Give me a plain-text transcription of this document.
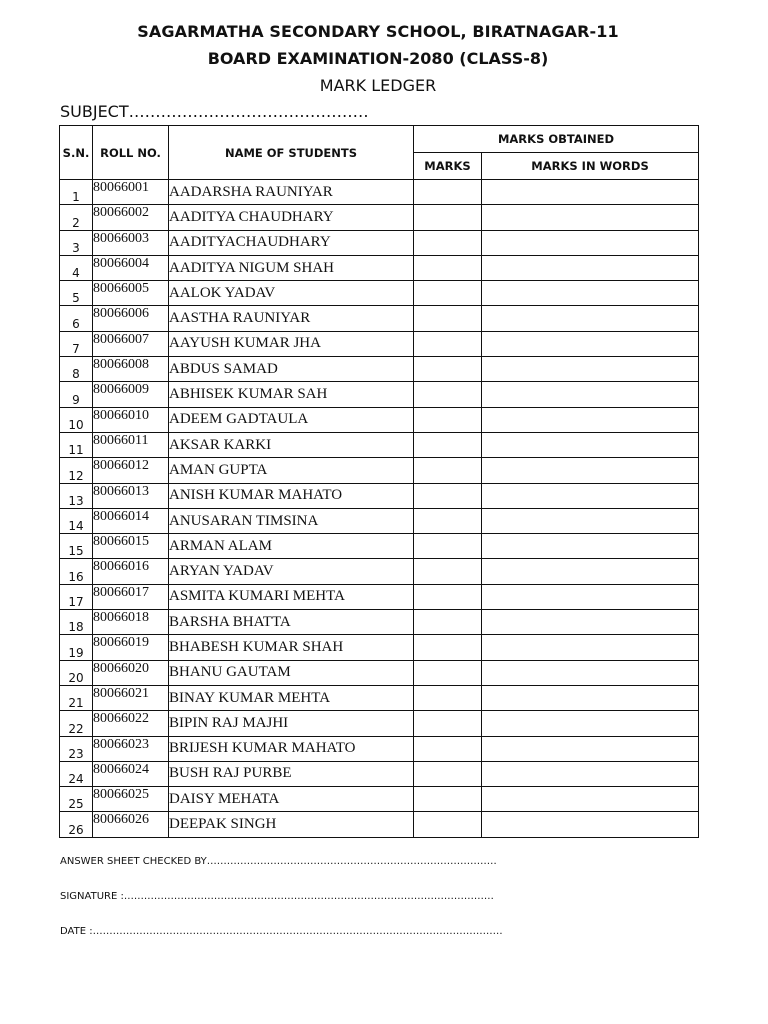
SAGARMATHA SECONDARY SCHOOL, BIRATNAGAR-11
BOARD EXAMINATION-2080 (CLASS-8)
MARK LEDGER
SUBJECT………………………………………
S.N.	ROLL NO.	NAME OF STUDENTS	MARKS OBTAINED	
			MARKS	MARKS IN WORDS
1	80066001	AADARSHA RAUNIYAR		
2	80066002	AADITYA CHAUDHARY		
3	80066003	AADITYACHAUDHARY		
4	80066004	AADITYA NIGUM SHAH		
5	80066005	AALOK YADAV		
6	80066006	AASTHA RAUNIYAR		
7	80066007	AAYUSH KUMAR JHA		
8	80066008	ABDUS SAMAD		
9	80066009	ABHISEK KUMAR SAH		
10	80066010	ADEEM GADTAULA		
11	80066011	AKSAR KARKI		
12	80066012	AMAN GUPTA		
13	80066013	ANISH KUMAR MAHATO		
14	80066014	ANUSARAN TIMSINA		
15	80066015	ARMAN ALAM		
16	80066016	ARYAN YADAV		
17	80066017	ASMITA KUMARI MEHTA		
18	80066018	BARSHA BHATTA		
19	80066019	BHABESH KUMAR SHAH		
20	80066020	BHANU GAUTAM		
21	80066021	BINAY KUMAR MEHTA		
22	80066022	BIPIN RAJ MAJHI		
23	80066023	BRIJESH KUMAR MAHATO		
24	80066024	BUSH RAJ PURBE		
25	80066025	DAISY MEHATA		
26	80066026	DEEPAK SINGH		
ANSWER SHEET CHECKED BY……………………………………………………………………………
SIGNATURE :…………………………………………………………………………………………………
DATE :……………………………………………………………………………………………………………
